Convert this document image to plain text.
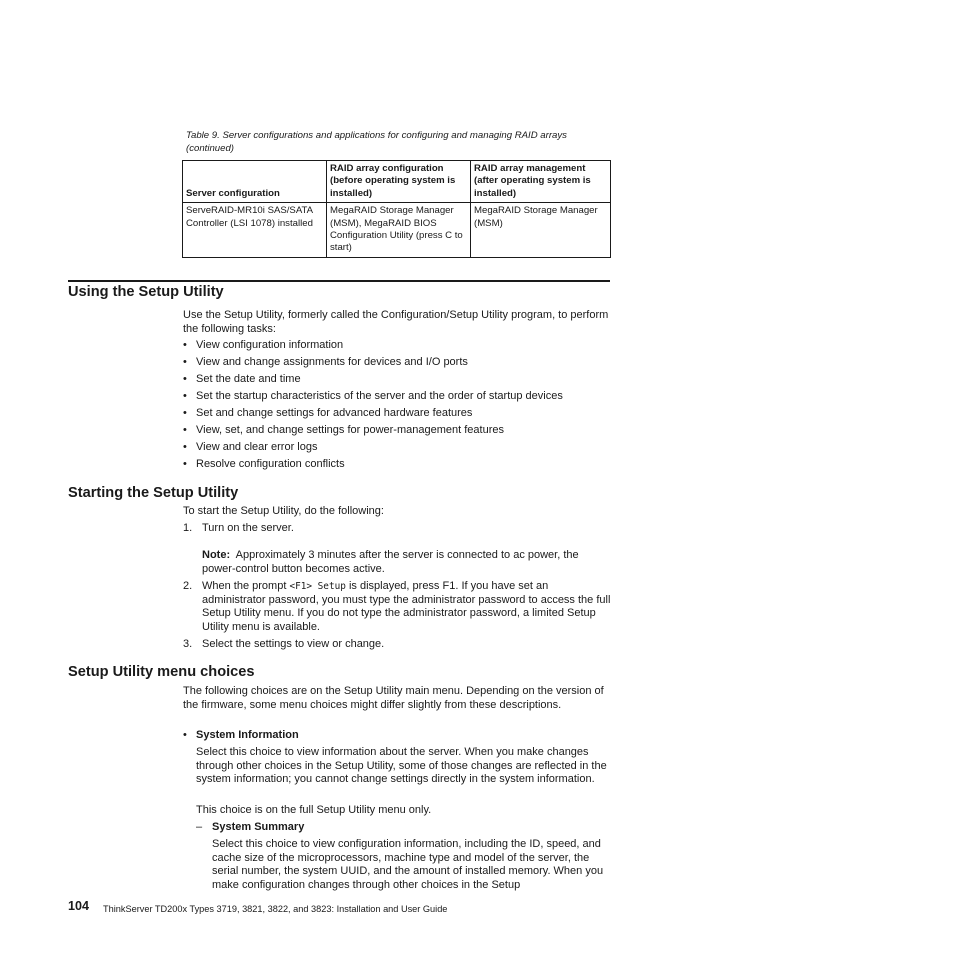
Table 9. Server configurations and applications for configuring and managing RAID arrays (continued)
Server configuration	RAID array configuration (before operating system is installed)	RAID array management (after operating system is installed)
ServeRAID-MR10i SAS/SATA Controller (LSI 1078) installed	MegaRAID Storage Manager (MSM), MegaRAID BIOS Configuration Utility (press C to start)	MegaRAID Storage Manager (MSM)
Using the Setup Utility

Use the Setup Utility, formerly called the Configuration/Setup Utility program, to perform the following tasks:

• View configuration information
• View and change assignments for devices and I/O ports
• Set the date and time
• Set the startup characteristics of the server and the order of startup devices
• Set and change settings for advanced hardware features
• View, set, and change settings for power-management features
• View and clear error logs
• Resolve configuration conflicts
Starting the Setup Utility

To start the Setup Utility, do the following:

1. Turn on the server.

Note: Approximately 3 minutes after the server is connected to ac power, the power-control button becomes active.

2. When the prompt <F1> Setup is displayed, press F1. If you have set an administrator password, you must type the administrator password to access the full Setup Utility menu. If you do not type the administrator password, a limited Setup Utility menu is available.

3. Select the settings to view or change.

Setup Utility menu choices

The following choices are on the Setup Utility main menu. Depending on the version of the firmware, some menu choices might differ slightly from these descriptions.

• System Information

Select this choice to view information about the server. When you make changes through other choices in the Setup Utility, some of those changes are reflected in the system information; you cannot change settings directly in the system information.

This choice is on the full Setup Utility menu only.

– System Summary

Select this choice to view configuration information, including the ID, speed, and cache size of the microprocessors, machine type and model of the server, the serial number, the system UUID, and the amount of installed memory. When you make configuration changes through other choices in the Setup

104 ThinkServer TD200x Types 3719, 3821, 3822, and 3823: Installation and User Guide
